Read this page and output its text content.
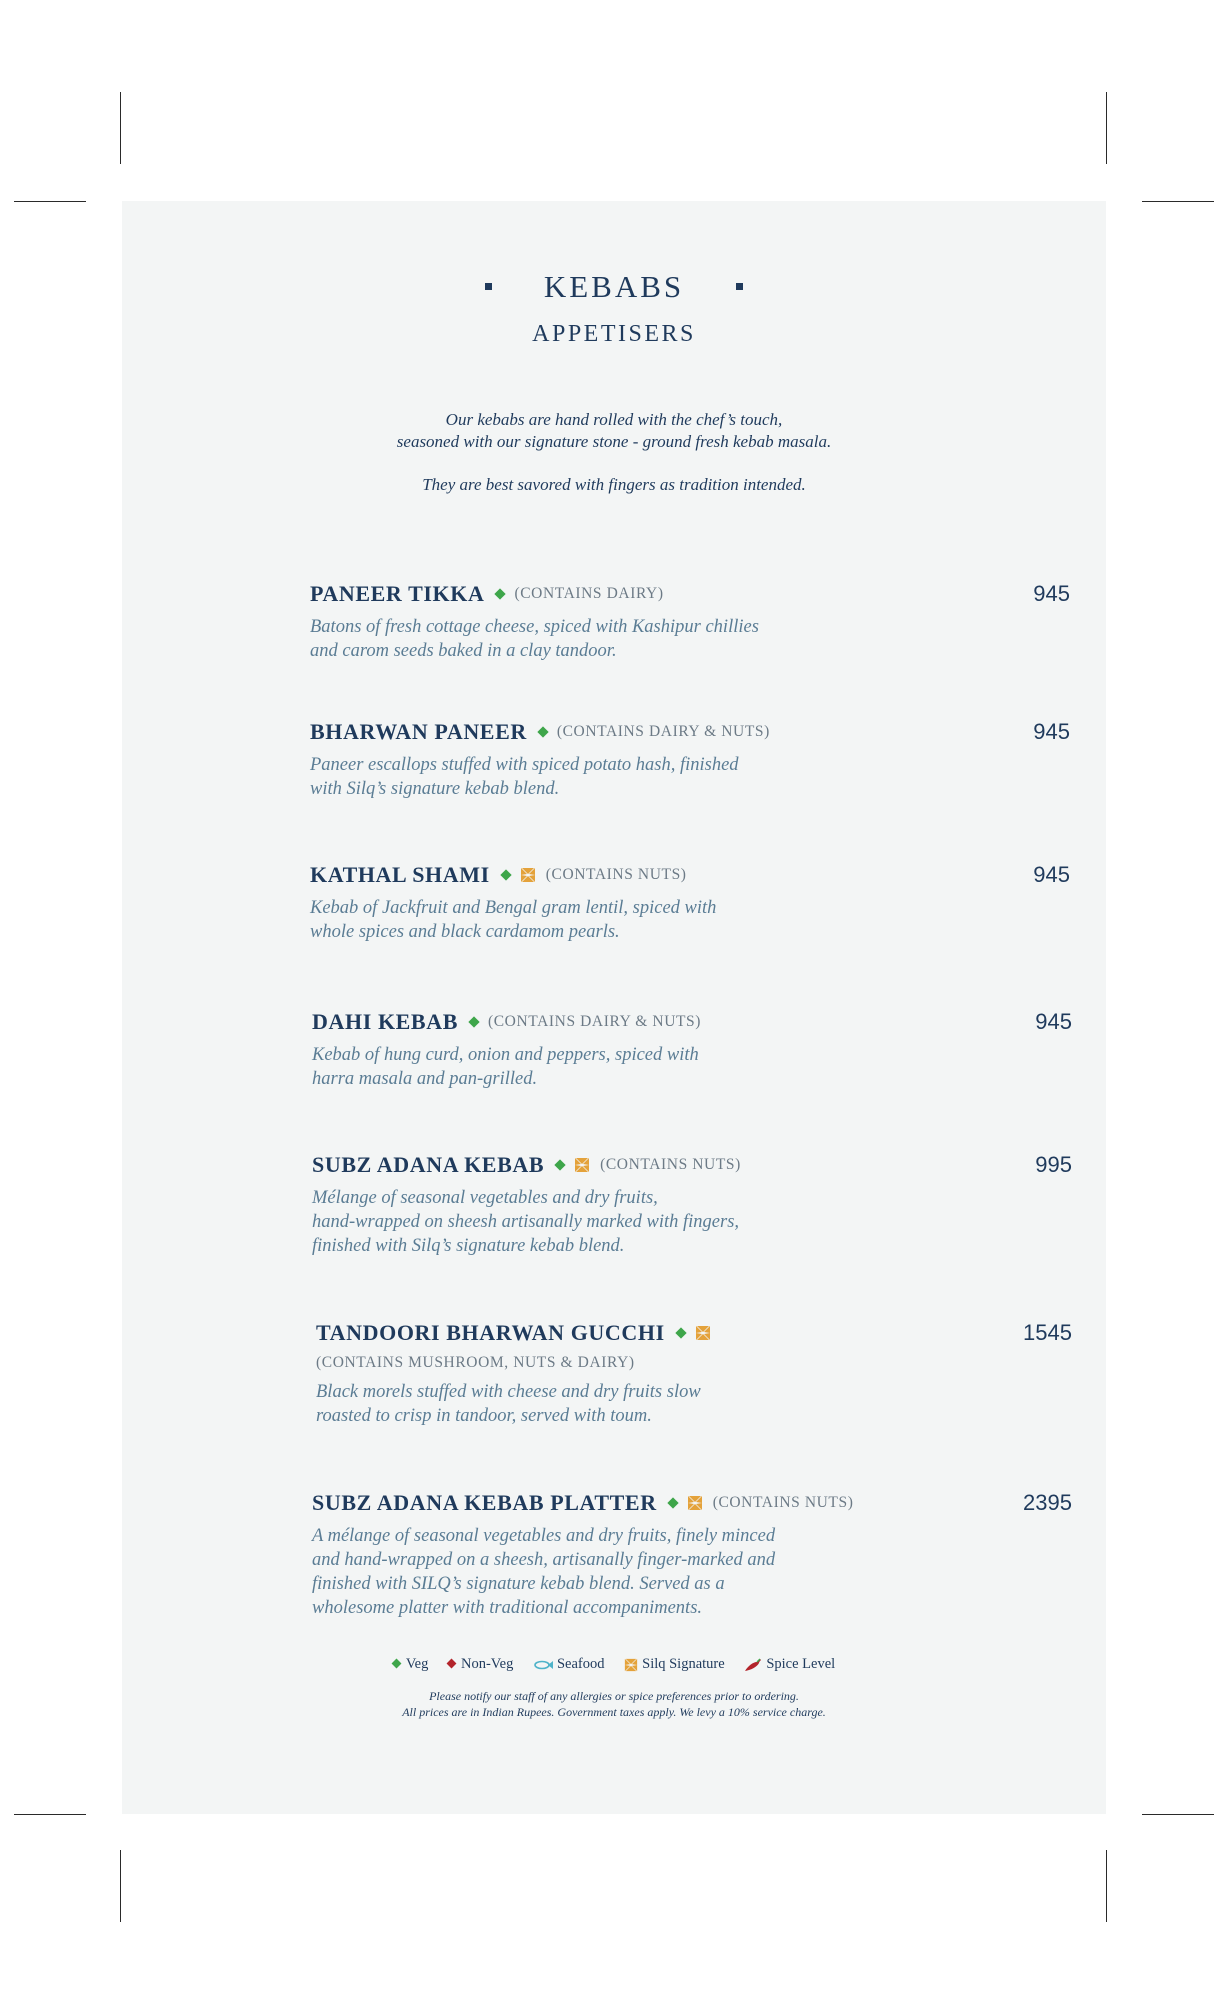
KEBABS
APPETISERS

Our kebabs are hand rolled with the chef’s touch,

seasoned with our signature stone - ground fresh kebab masala.

They are best savored with fingers as tradition intended.

PANEER TIKKA (CONTAINS DAIRY)	945
Batons of fresh cottage cheese, spiced with Kashipur chillies
and carom seeds baked in a clay tandoor.
BHARWAN PANEER (CONTAINS DAIRY & NUTS)	945
Paneer escallops stuffed with spiced potato hash, finished
with Silq’s signature kebab blend.
KATHAL SHAMI	(CONTAINS NUTS)	945
Kebab of Jackfruit and Bengal gram lentil, spiced with
whole spices and black cardamom pearls.
DAHI KEBAB (CONTAINS DAIRY & NUTS)	945
Kebab of hung curd, onion and peppers, spiced with
harra masala and pan-grilled.
SUBZ ADANA KEBAB	(CONTAINS NUTS)	995
Mélange of seasonal vegetables and dry fruits,
hand-wrapped on sheesh artisanally marked with fingers,
finished with Silq’s signature kebab blend.
TANDOORI BHARWAN GUCCHI	1545
(CONTAINS MUSHROOM, NUTS & DAIRY)
Black morels stuffed with cheese and dry fruits slow
roasted to crisp in tandoor, served with toum.
SUBZ ADANA KEBAB PLATTER	(CONTAINS NUTS)	2395
A mélange of seasonal vegetables and dry fruits, finely minced
and hand-wrapped on a sheesh, artisanally finger-marked and
finished with SILQ’s signature kebab blend. Served as a
wholesome platter with traditional accompaniments.
Veg Non-Veg	Seafood	Silq Signature	Spice Level

Please notify our staff of any allergies or spice preferences prior to ordering.

All prices are in Indian Rupees. Government taxes apply. We levy a 10% service charge.
